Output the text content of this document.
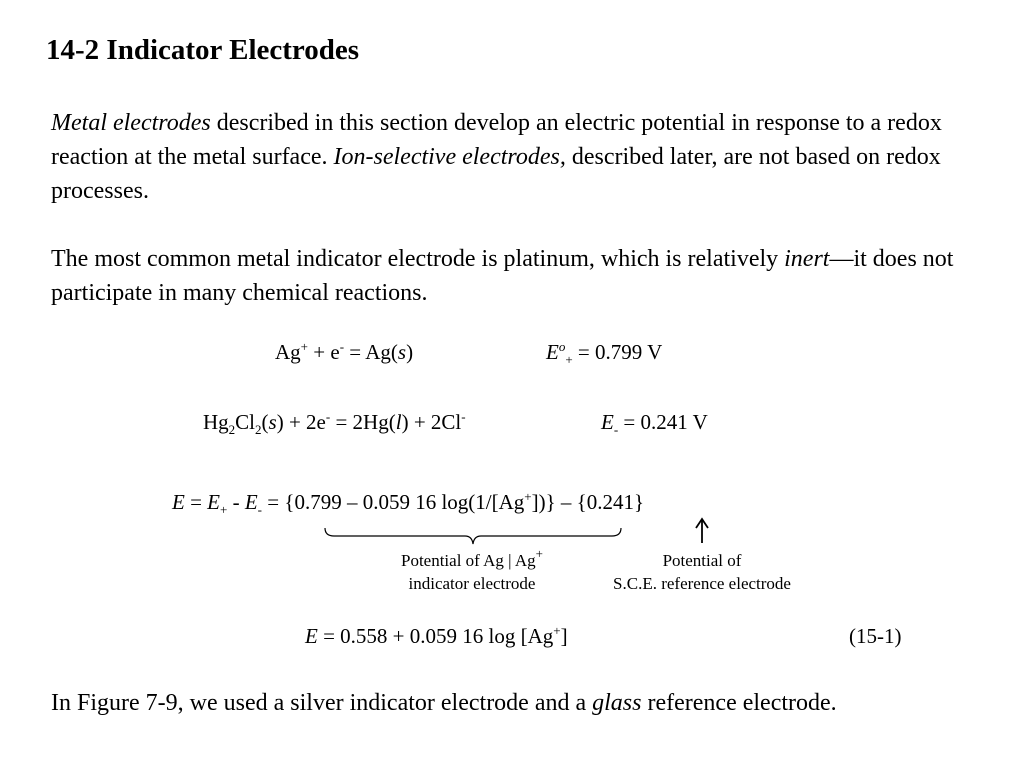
14-2 Indicator Electrodes
Metal electrodes described in this section develop an electric potential in response to a redox reaction at the metal surface. Ion-selective electrodes, described later, are not based on redox processes.
The most common metal indicator electrode is platinum, which is relatively inert—it does not participate in many chemical reactions.
Ag+ + e- = Ag(s)	$E^o_+ = 0.799$ V
$Hg_2Cl_2(s) + 2e^- = 2Hg(l) + 2Cl^-$	$E_- = 0.241$ V
$E = E_+ - E_- = \{0.799 - 0.059$ 16 log(1/[Ag+])} – {0.241}
Potential of Ag | Ag+
indicator electrode
Potential of
S.C.E. reference electrode
E = 0.558 + 0.059 16 log [Ag+]	(15-1)
In Figure 7-9, we used a silver indicator electrode and a glass reference electrode.
